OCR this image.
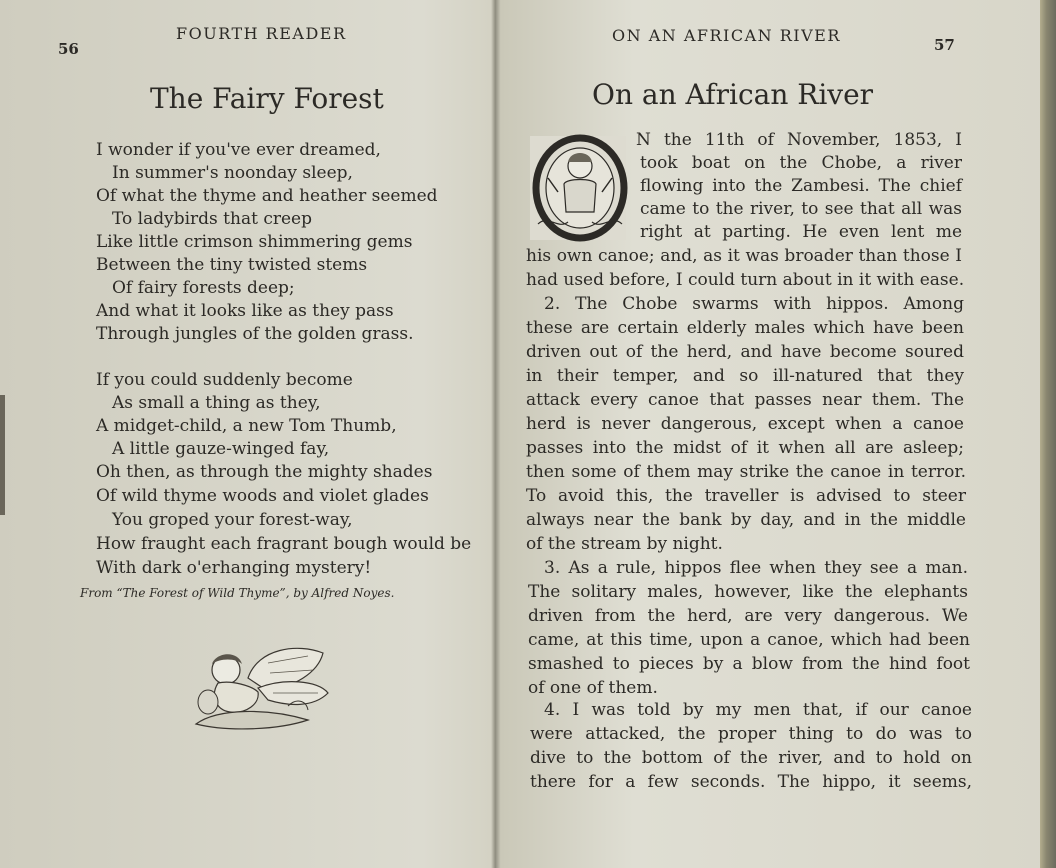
56
FOURTH READER
The Fairy Forest
I wonder if you've ever dreamed,
In summer's noonday sleep,
Of what the thyme and heather seemed
To ladybirds that creep
Like little crimson shimmering gems
Between the tiny twisted stems
Of fairy forests deep;
And what it looks like as they pass
Through jungles of the golden grass.
If you could suddenly become
As small a thing as they,
A midget-child, a new Tom Thumb,
A little gauze-winged fay,
Oh then, as through the mighty shades
Of wild thyme woods and violet glades
You groped your forest-way,
How fraught each fragrant bough would be
With dark o'erhanging mystery!
From “The Forest of Wild Thyme”, by Alfred Noyes.
ON AN AFRICAN RIVER	57
On an African River
N the 11th of November, 1853, I
took boat on the Chobe, a river
flowing into the Zambesi. The chief
came to the river, to see that all was
right at parting. He even lent me
his own canoe; and, as it was broader than those I
had used before, I could turn about in it with ease.
2. The Chobe swarms with hippos. Among
these are certain elderly males which have been
driven out of the herd, and have become soured
in their temper, and so ill-natured that they
attack every canoe that passes near them. The
herd is never dangerous, except when a canoe
passes into the midst of it when all are asleep;
then some of them may strike the canoe in terror.
To avoid this, the traveller is advised to steer
always near the bank by day, and in the middle
of the stream by night.
3. As a rule, hippos flee when they see a man.
The solitary males, however, like the elephants
driven from the herd, are very dangerous. We
came, at this time, upon a canoe, which had been
smashed to pieces by a blow from the hind foot
of one of them.
4. I was told by my men that, if our canoe
were attacked, the proper thing to do was to
dive to the bottom of the river, and to hold on
there for a few seconds. The hippo, it seems,
